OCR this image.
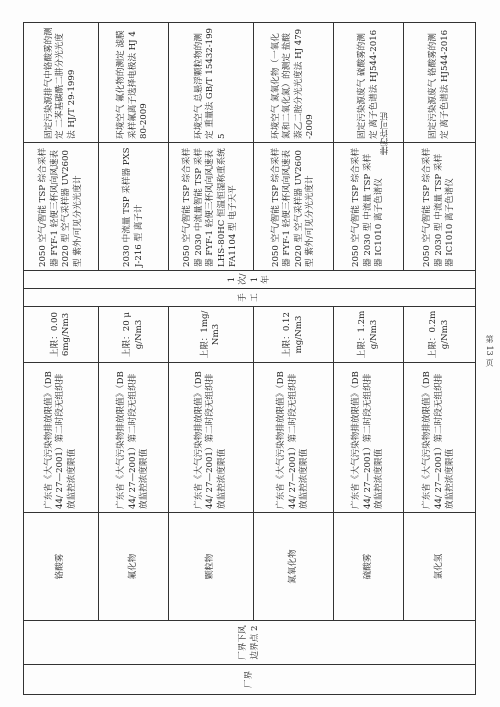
厂界	厂界下风边界点 2	铬酸雾	广东省《大气污染物排放限值》（DB44/ 27—2001）第二时段无组织排放监控浓度限值	上限：0.006mg/Nm3	手工	1 次/1 年	2050 空气/智能 TSP 综合采样器 FYF-1 轻便三杯风向风速表 2020 型 空气采样器 UV2600 型 紫外/可见分光光度计	固定污染源排气中铬酸雾的测定 二苯基碳酰二肼分光光度法 HJ/T 29-1999
		氟化物	广东省《大气污染物排放限值》（DB44/ 27—2001）第二时段无组织排放监控浓度限值	上限：20 μg/Nm3			2030 中流量 TSP 采样器 PXSJ-216 型 离子计	环境空气 氟化物的测定 滤膜采样氟离子选择电极法 HJ 480-2009
		颗粒物	广东省《大气污染物排放限值》（DB44/ 27—2001）第二时段无组织排放监控浓度限值	上限：1mg/Nm3			2050 空气/智能 TSP 综合采样器 2030 中流量智能 TSP 采样器 FYF-1 轻便三杯风向风速表 LHS-80HC 恒温恒湿称重系统 FA1104 型 电子天平	环境空气 总悬浮颗粒物的测定 重量法 GB/T 15432-1995
		氮氧化物	广东省《大气污染物排放限值》（DB44/ 27—2001）第二时段无组织排放监控浓度限值	上限：0.12mg/Nm3			2050 空气/智能 TSP 综合采样器 FYF-1 轻便三杯风向风速表 2020 型 空气采样器 UV2600 型 紫外/可见分光光度计	环境空气 氮氧化物（一氧化氮和二氧化氮）的测定 盐酸萘乙二胺分光光度法 HJ 479-2009
		硫酸雾	广东省《大气污染物排放限值》（DB44/ 27—2001）第二时段无组织排放监控浓度限值	上限：1.2mg/Nm3			2050 空气/智能 TSP 综合采样器 2030 型 中流量 TSP 采样器 IC1010 离子色谱仪	固定污染源废气 硫酸雾的测定 离子色谱法 HJ544-2016
		氯化氢	广东省《大气污染物排放限值》（DB44/ 27—2001）第二时段无组织排放监控浓度限值	上限：0.2mg/Nm3			2050 空气/智能 TSP 综合采样器 2030 型 中流量 TSP 采样器 IC1010 离子色谱仪	固定污染源废气 铬酸雾的测定 离子色谱法 HJ544-2016
排污许可证
第 13 页
